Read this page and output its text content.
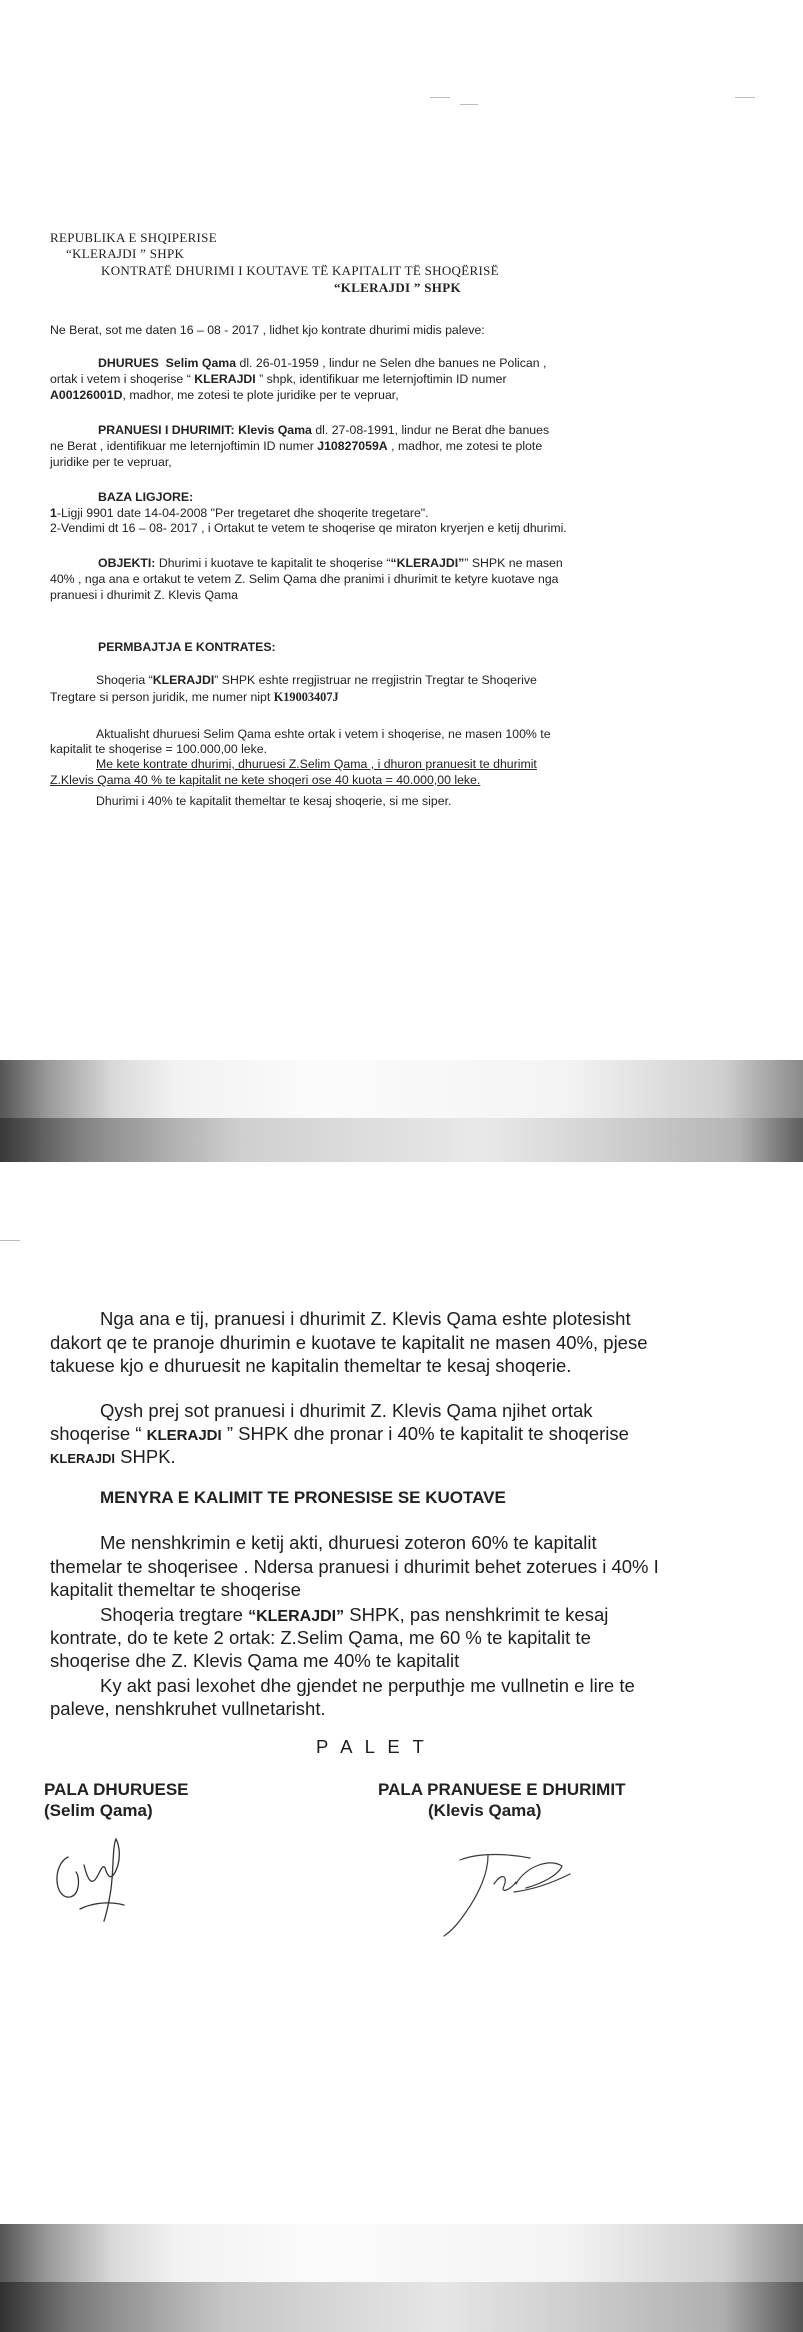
REPUBLIKA E SHQIPERISE

“KLERAJDI ” SHPK

KONTRATË DHURIMI I KOUTAVE TË KAPITALIT TË SHOQËRISË

“KLERAJDI ” SHPK

Ne Berat, sot me daten 16 – 08 - 2017 , lidhet kjo kontrate dhurimi midis paleve:

DHURUES Selim Qama dl. 26-01-1959 , lindur ne Selen dhe banues ne Polican ,

ortak i vetem i shoqerise “ KLERAJDI ” shpk, identifikuar me leternjoftimin ID numer

A00126001D, madhor, me zotesi te plote juridike per te vepruar,

PRANUESI I DHURIMIT: Klevis Qama dl. 27-08-1991, lindur ne Berat dhe banues

ne Berat , identifikuar me leternjoftimin ID numer J10827059A , madhor, me zotesi te plote

juridike per te vepruar,

BAZA LIGJORE:

1-Ligji 9901 date 14-04-2008 "Per tregetaret dhe shoqerite tregetare".

2-Vendimi dt 16 – 08- 2017 , i Ortakut te vetem te shoqerise qe miraton kryerjen e ketij dhurimi.

OBJEKTI: Dhurimi i kuotave te kapitalit te shoqerise ““KLERAJDI”” SHPK ne masen

40% , nga ana e ortakut te vetem Z. Selim Qama dhe pranimi i dhurimit te ketyre kuotave nga

pranuesi i dhurimit Z. Klevis Qama

PERMBAJTJA E KONTRATES:

Shoqeria “KLERAJDI” SHPK eshte rregjistruar ne rregjistrin Tregtar te Shoqerive

Tregtare si person juridik, me numer nipt K19003407J

Aktualisht dhuruesi Selim Qama eshte ortak i vetem i shoqerise, ne masen 100% te

kapitalit te shoqerise = 100.000,00 leke.

Me kete kontrate dhurimi, dhuruesi Z.Selim Qama , i dhuron pranuesit te dhurimit

Z.Klevis Qama 40 % te kapitalit ne kete shoqeri ose 40 kuota = 40.000,00 leke.

Dhurimi i 40% te kapitalit themeltar te kesaj shoqerie, si me siper.

Nga ana e tij, pranuesi i dhurimit Z. Klevis Qama eshte plotesisht

dakort qe te pranoje dhurimin e kuotave te kapitalit ne masen 40%, pjese

takuese kjo e dhuruesit ne kapitalin themeltar te kesaj shoqerie.

Qysh prej sot pranuesi i dhurimit Z. Klevis Qama njihet ortak

shoqerise “ KLERAJDI ” SHPK dhe pronar i 40% te kapitalit te shoqerise

KLERAJDI SHPK.

MENYRA E KALIMIT TE PRONESISE SE KUOTAVE

Me nenshkrimin e ketij akti, dhuruesi zoteron 60% te kapitalit

themelar te shoqerisee . Ndersa pranuesi i dhurimit behet zoterues i 40% I

kapitalit themeltar te shoqerise

Shoqeria tregtare “KLERAJDI” SHPK, pas nenshkrimit te kesaj

kontrate, do te kete 2 ortak: Z.Selim Qama, me 60 % te kapitalit te

shoqerise dhe Z. Klevis Qama me 40% te kapitalit

Ky akt pasi lexohet dhe gjendet ne perputhje me vullnetin e lire te

paleve, nenshkruhet vullnetarisht.

P A L E T

PALA DHURUESE

(Selim Qama)

PALA PRANUESE E DHURIMIT

(Klevis Qama)
